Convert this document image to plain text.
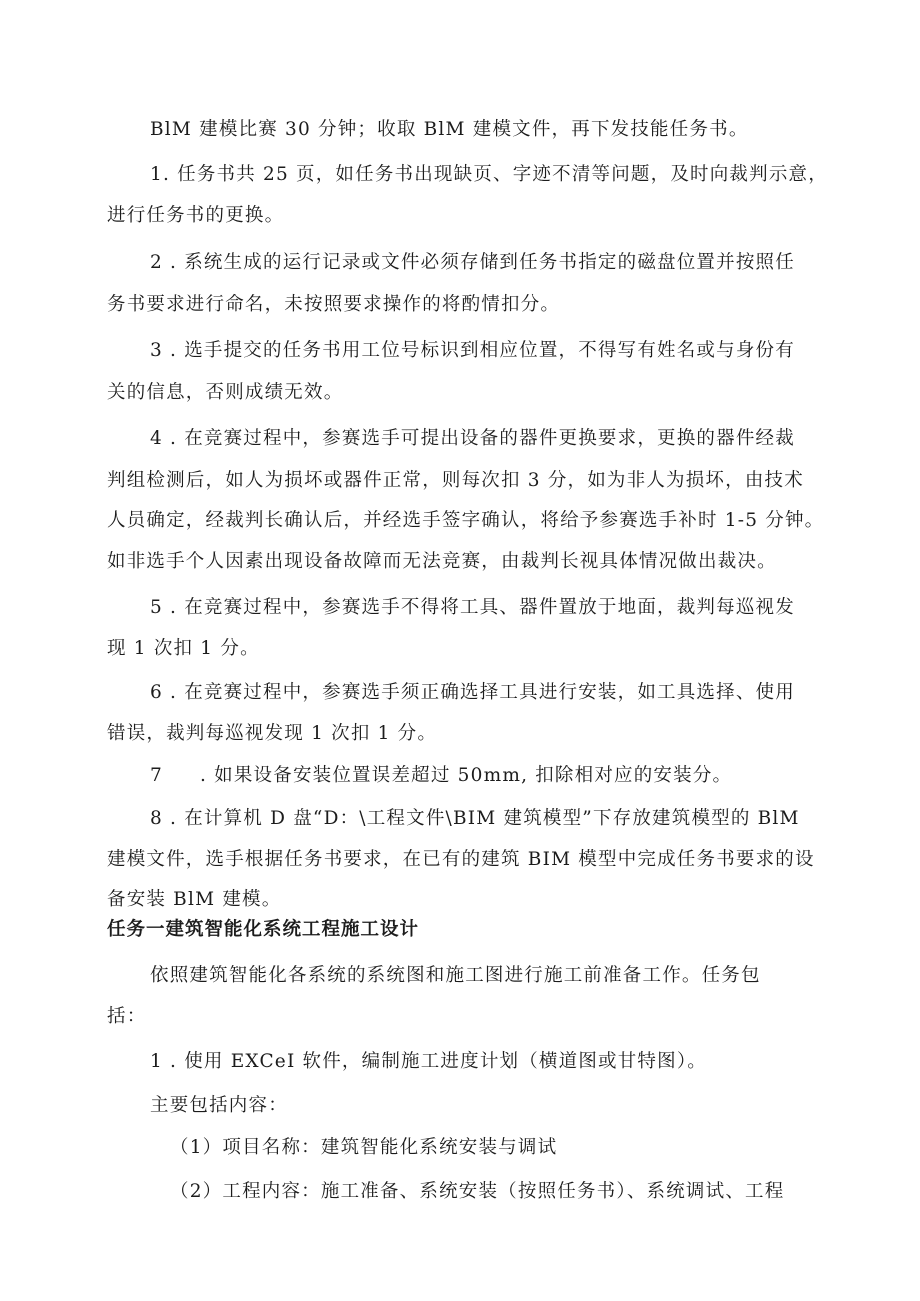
BlM 建模比赛 30 分钟；收取 BlM 建模文件，再下发技能任务书。

1. 任务书共 25 页，如任务书出现缺页、字迹不清等问题，及时向裁判示意，

进行任务书的更换。

2 . 系统生成的运行记录或文件必须存储到任务书指定的磁盘位置并按照任

务书要求进行命名，未按照要求操作的将酌情扣分。

3 . 选手提交的任务书用工位号标识到相应位置，不得写有姓名或与身份有

关的信息，否则成绩无效。

4 . 在竞赛过程中，参赛选手可提出设备的器件更换要求，更换的器件经裁

判组检测后，如人为损坏或器件正常，则每次扣 3 分，如为非人为损坏，由技术

人员确定，经裁判长确认后，并经选手签字确认，将给予参赛选手补时 1-5 分钟。

如非选手个人因素出现设备故障而无法竞赛，由裁判长视具体情况做出裁决。

5 . 在竞赛过程中，参赛选手不得将工具、器件置放于地面，裁判每巡视发

现 1 次扣 1 分。

6 . 在竞赛过程中，参赛选手须正确选择工具进行安装，如工具选择、使用

错误，裁判每巡视发现 1 次扣 1 分。

7 . 如果设备安装位置误差超过 50mm, 扣除相对应的安装分。

8 . 在计算机 D 盘“D：\工程文件\BIM 建筑模型”下存放建筑模型的 BlM

建模文件，选手根据任务书要求，在已有的建筑 BIM 模型中完成任务书要求的设

备安装 BlM 建模。

任务一建筑智能化系统工程施工设计

依照建筑智能化各系统的系统图和施工图进行施工前准备工作。任务包

括：

1 . 使用 EXCeI 软件，编制施工进度计划（横道图或甘特图）。

主要包括内容：

（1）项目名称：建筑智能化系统安装与调试

（2）工程内容：施工准备、系统安装（按照任务书）、系统调试、工程
